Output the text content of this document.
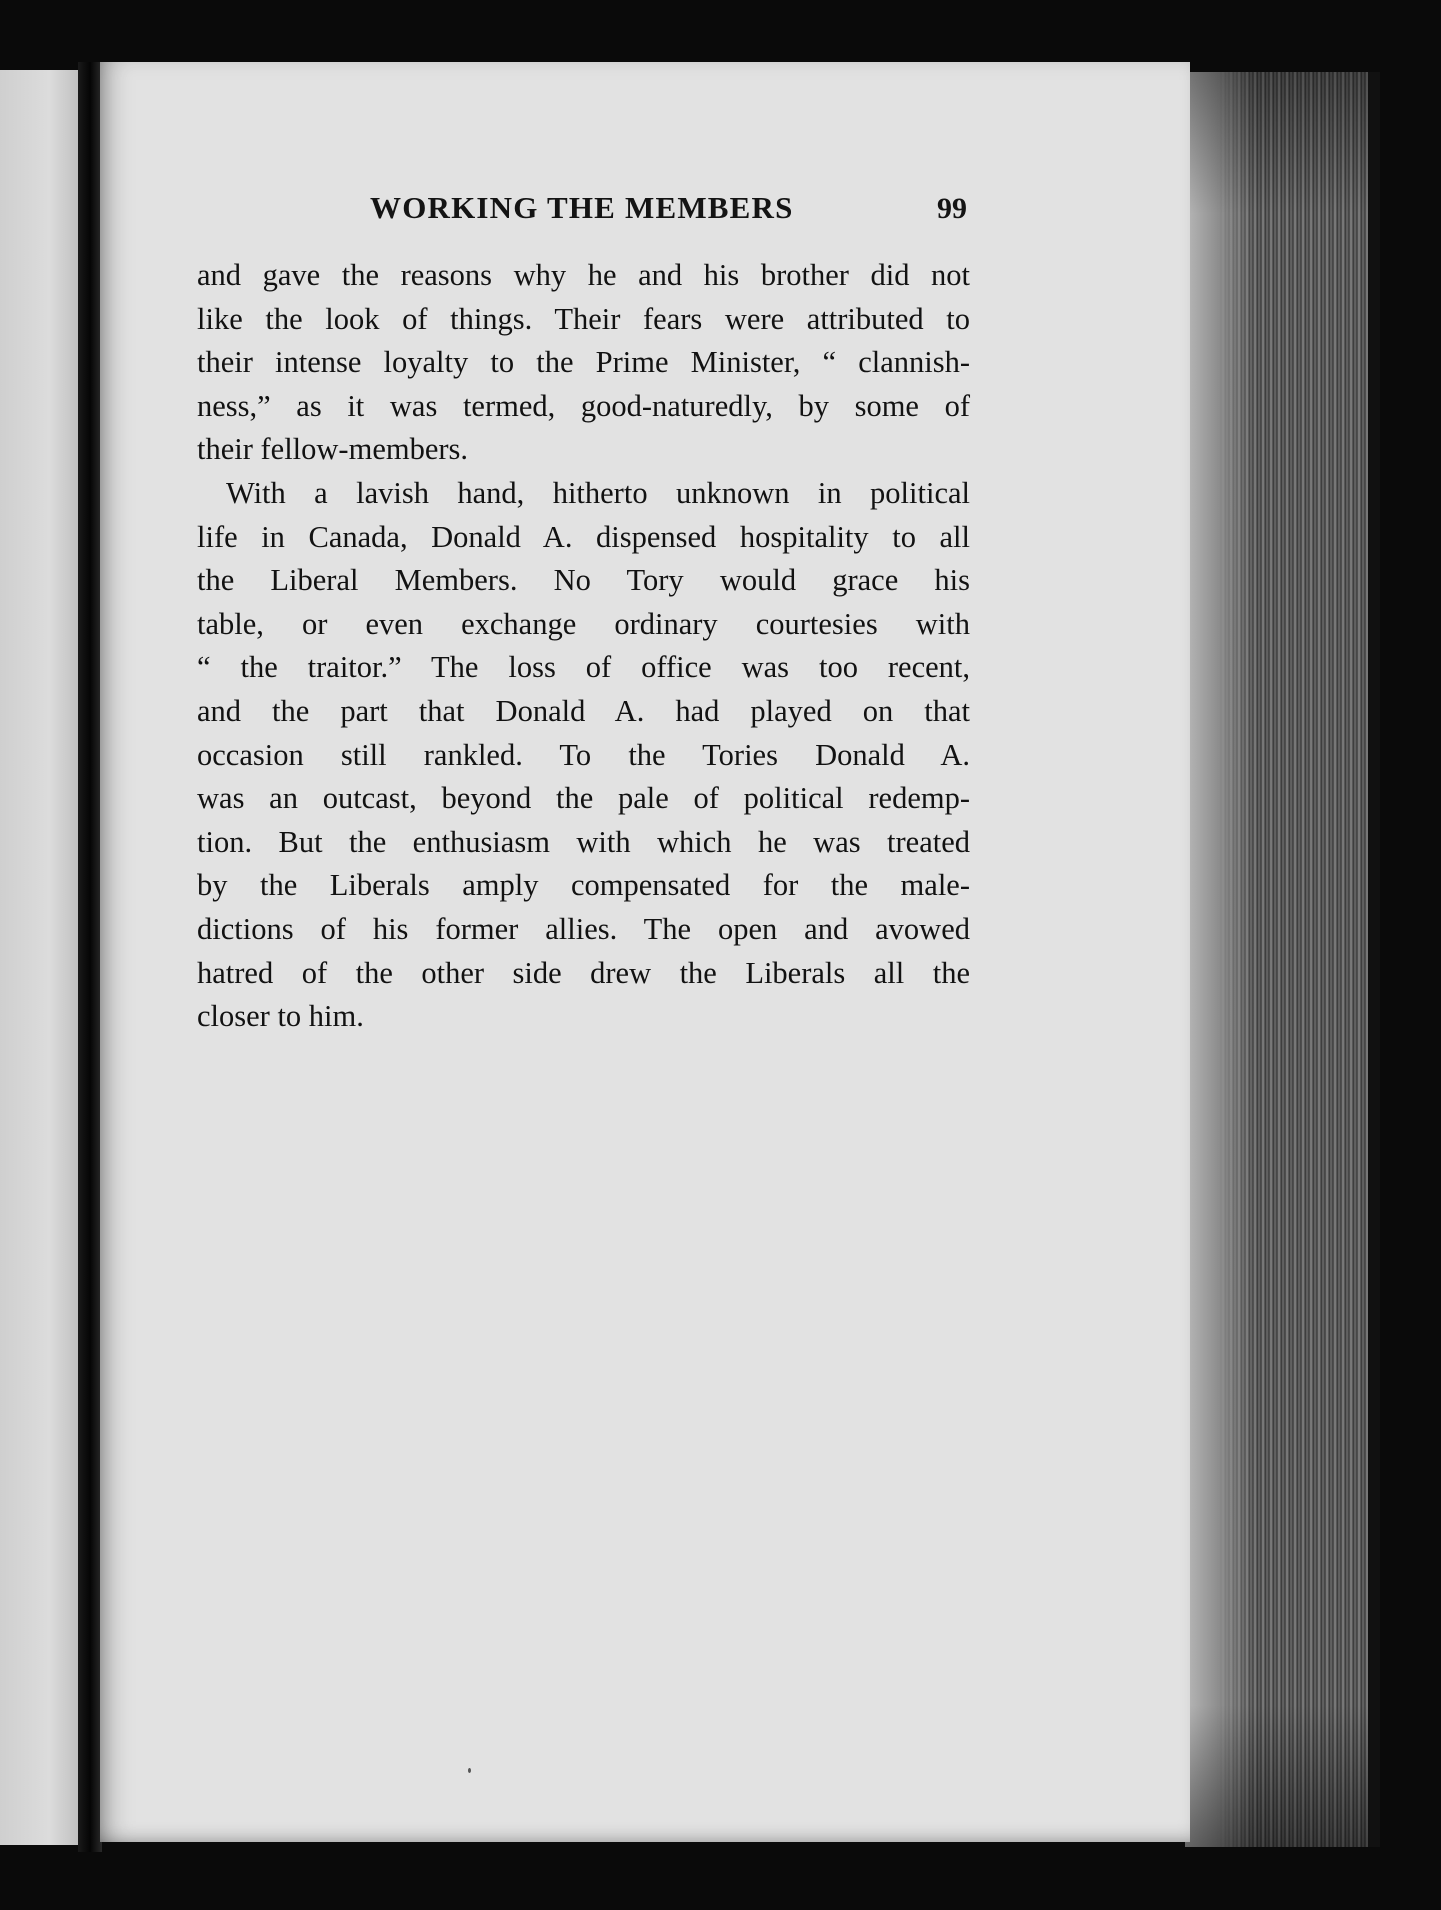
WORKING THE MEMBERS	99

and gave the reasons why he and his brother did not

like the look of things. Their fears were attributed to

their intense loyalty to the Prime Minister, “ clannish-

ness,” as it was termed, good-naturedly, by some of

their fellow-members.

With a lavish hand, hitherto unknown in political

life in Canada, Donald A. dispensed hospitality to all

the Liberal Members. No Tory would grace his

table, or even exchange ordinary courtesies with

“ the traitor.” The loss of office was too recent,

and the part that Donald A. had played on that

occasion still rankled. To the Tories Donald A.

was an outcast, beyond the pale of political redemp-

tion. But the enthusiasm with which he was treated

by the Liberals amply compensated for the male-

dictions of his former allies. The open and avowed

hatred of the other side drew the Liberals all the

closer to him.
